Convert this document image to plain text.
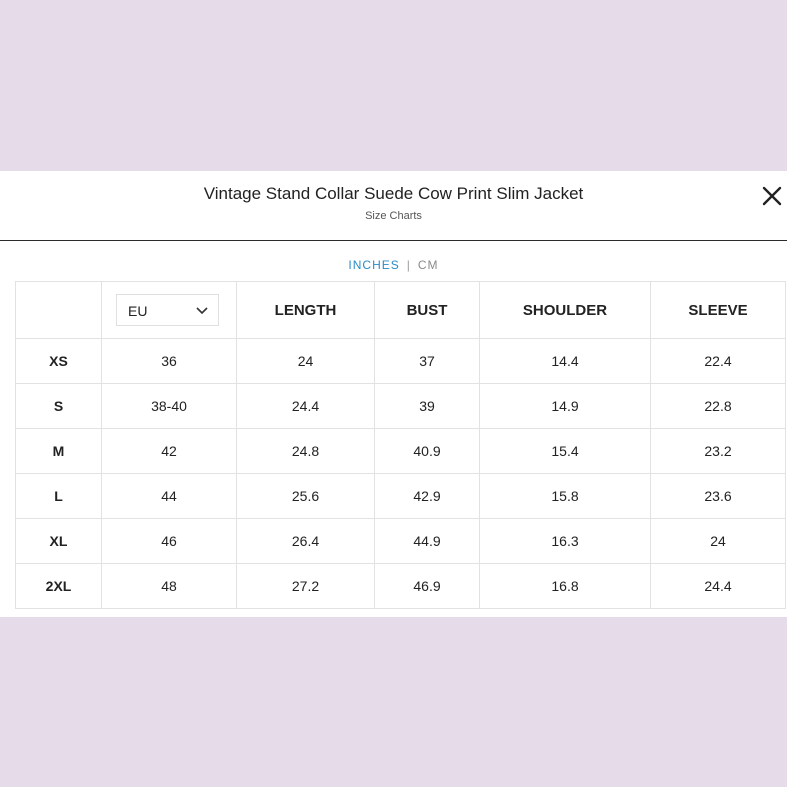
Vintage Stand Collar Suede Cow Print Slim Jacket
Size Charts
INCHES | CM

	EU	LENGTH	BUST	SHOULDER	SLEEVE
XS	36	24	37	14.4	22.4
S	38-40	24.4	39	14.9	22.8
M	42	24.8	40.9	15.4	23.2
L	44	25.6	42.9	15.8	23.6
XL	46	26.4	44.9	16.3	24
2XL	48	27.2	46.9	16.8	24.4
